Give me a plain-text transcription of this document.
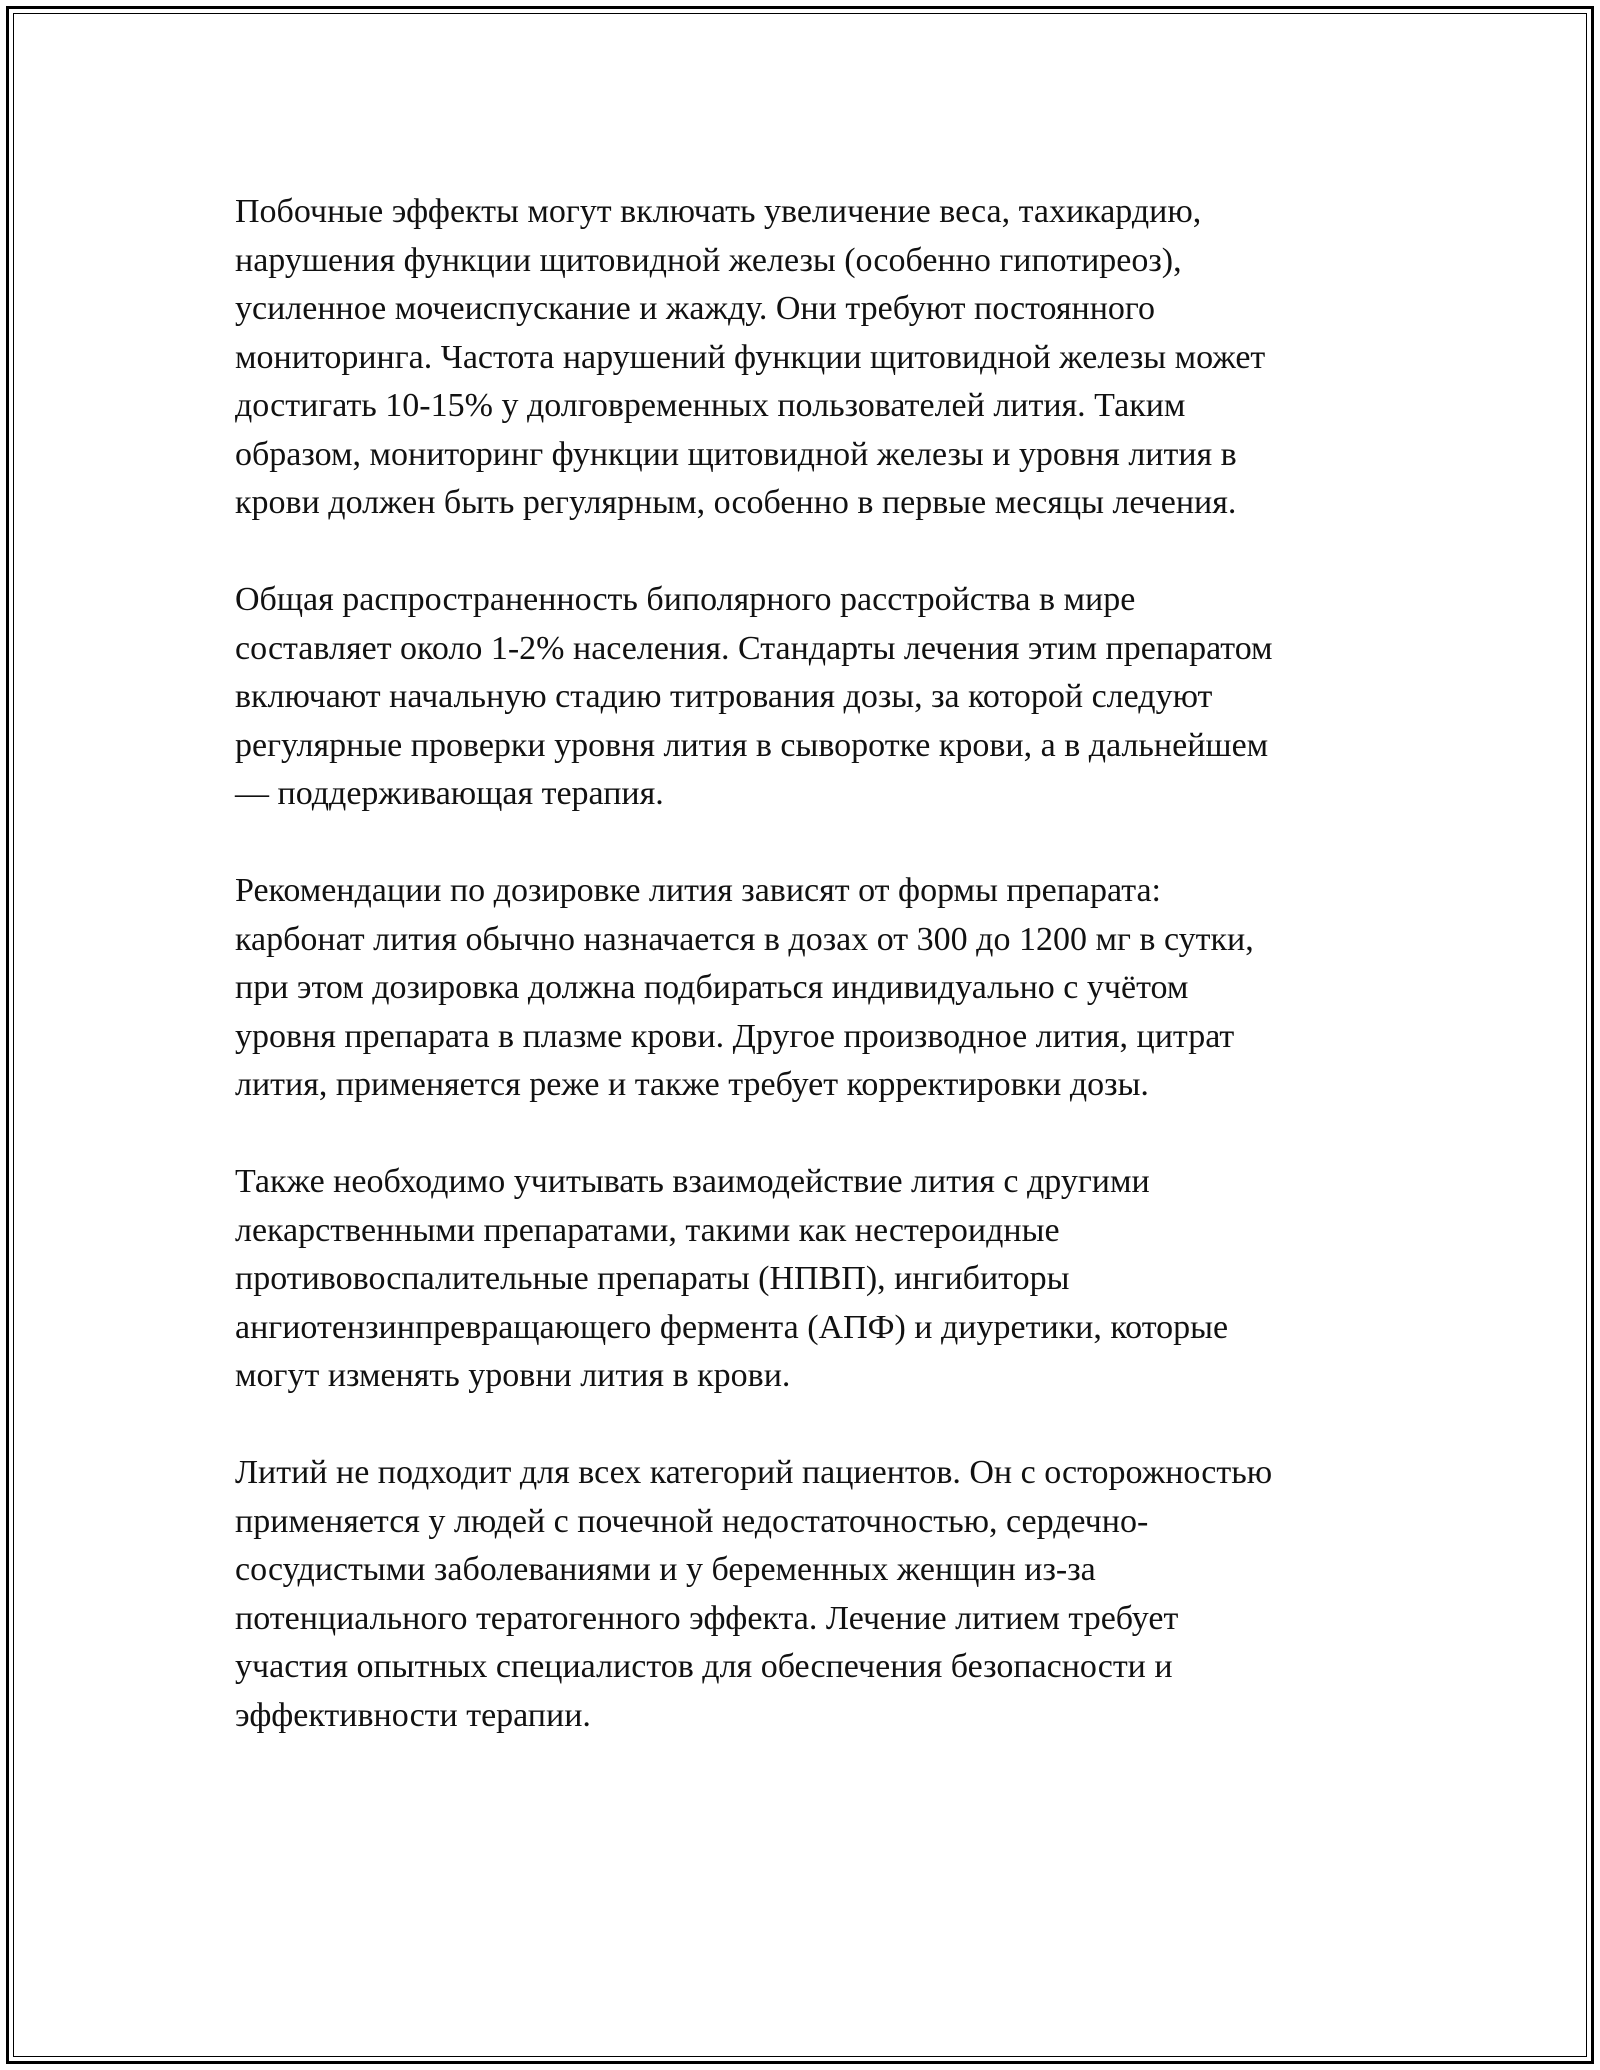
Побочные эффекты могут включать увеличение веса, тахикардию,
нарушения функции щитовидной железы (особенно гипотиреоз),
усиленное мочеиспускание и жажду. Они требуют постоянного
мониторинга. Частота нарушений функции щитовидной железы может
достигать 10-15% у долговременных пользователей лития. Таким
образом, мониторинг функции щитовидной железы и уровня лития в
крови должен быть регулярным, особенно в первые месяцы лечения.

Общая распространенность биполярного расстройства в мире
составляет около 1-2% населения. Стандарты лечения этим препаратом
включают начальную стадию титрования дозы, за которой следуют
регулярные проверки уровня лития в сыворотке крови, а в дальнейшем
— поддерживающая терапия.

Рекомендации по дозировке лития зависят от формы препарата:
карбонат лития обычно назначается в дозах от 300 до 1200 мг в сутки,
при этом дозировка должна подбираться индивидуально с учётом
уровня препарата в плазме крови. Другое производное лития, цитрат
лития, применяется реже и также требует корректировки дозы.

Также необходимо учитывать взаимодействие лития с другими
лекарственными препаратами, такими как нестероидные
противовоспалительные препараты (НПВП), ингибиторы
ангиотензинпревращающего фермента (АПФ) и диуретики, которые
могут изменять уровни лития в крови.

Литий не подходит для всех категорий пациентов. Он с осторожностью
применяется у людей с почечной недостаточностью, сердечно-
сосудистыми заболеваниями и у беременных женщин из-за
потенциального тератогенного эффекта. Лечение литием требует
участия опытных специалистов для обеспечения безопасности и
эффективности терапии.
